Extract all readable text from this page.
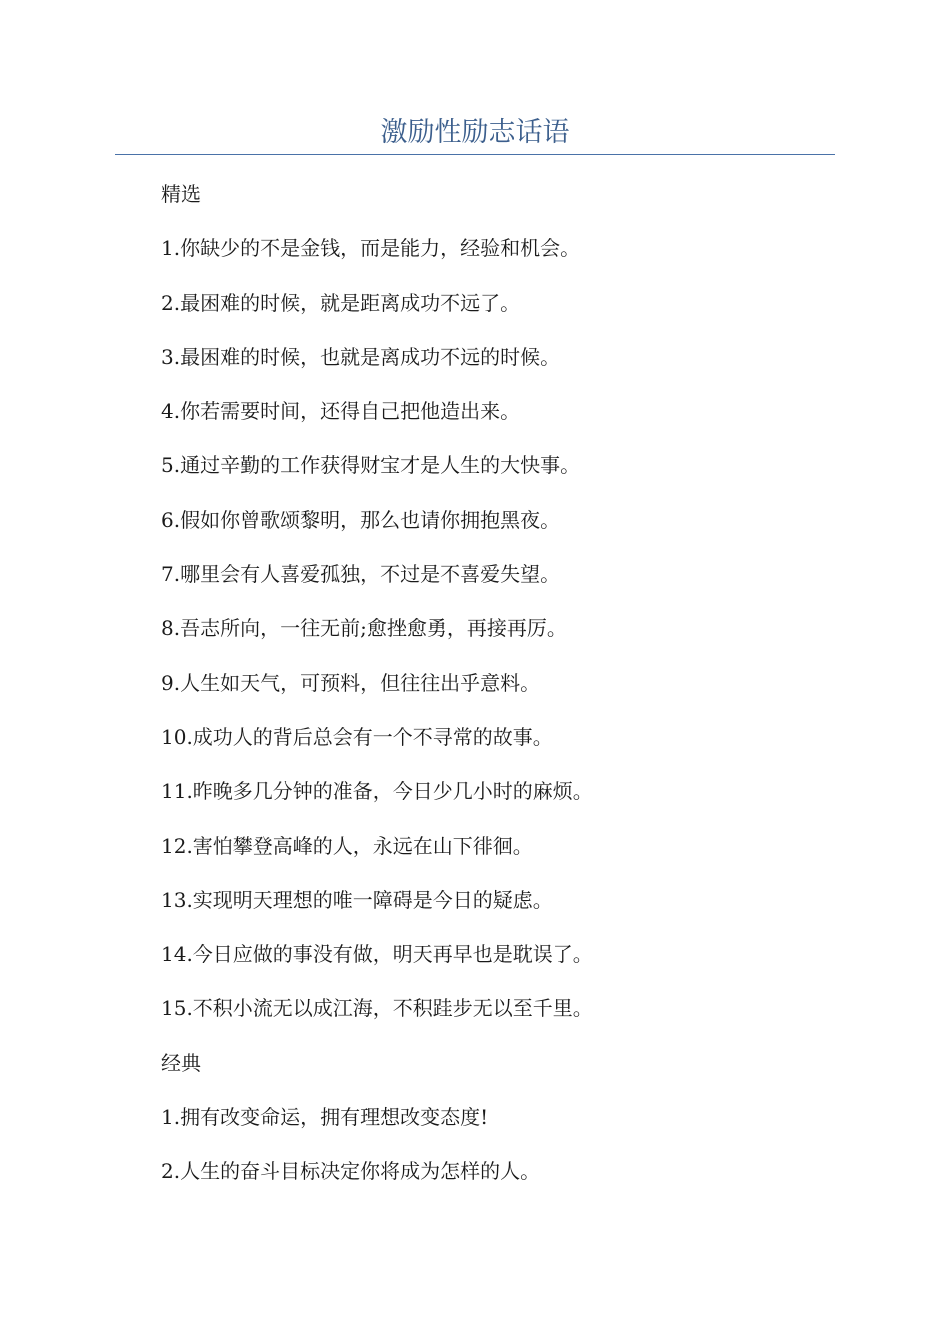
激励性励志话语
精选
1.你缺少的不是金钱，而是能力，经验和机会。
2.最困难的时候，就是距离成功不远了。
3.最困难的时候，也就是离成功不远的时候。
4.你若需要时间，还得自己把他造出来。
5.通过辛勤的工作获得财宝才是人生的大快事。
6.假如你曾歌颂黎明，那么也请你拥抱黑夜。
7.哪里会有人喜爱孤独，不过是不喜爱失望。
8.吾志所向，一往无前;愈挫愈勇，再接再厉。
9.人生如天气，可预料，但往往出乎意料。
10.成功人的背后总会有一个不寻常的故事。
11.昨晚多几分钟的准备，今日少几小时的麻烦。
12.害怕攀登高峰的人，永远在山下徘徊。
13.实现明天理想的唯一障碍是今日的疑虑。
14.今日应做的事没有做，明天再早也是耽误了。
15.不积小流无以成江海，不积跬步无以至千里。
经典
1.拥有改变命运，拥有理想改变态度!
2.人生的奋斗目标决定你将成为怎样的人。
